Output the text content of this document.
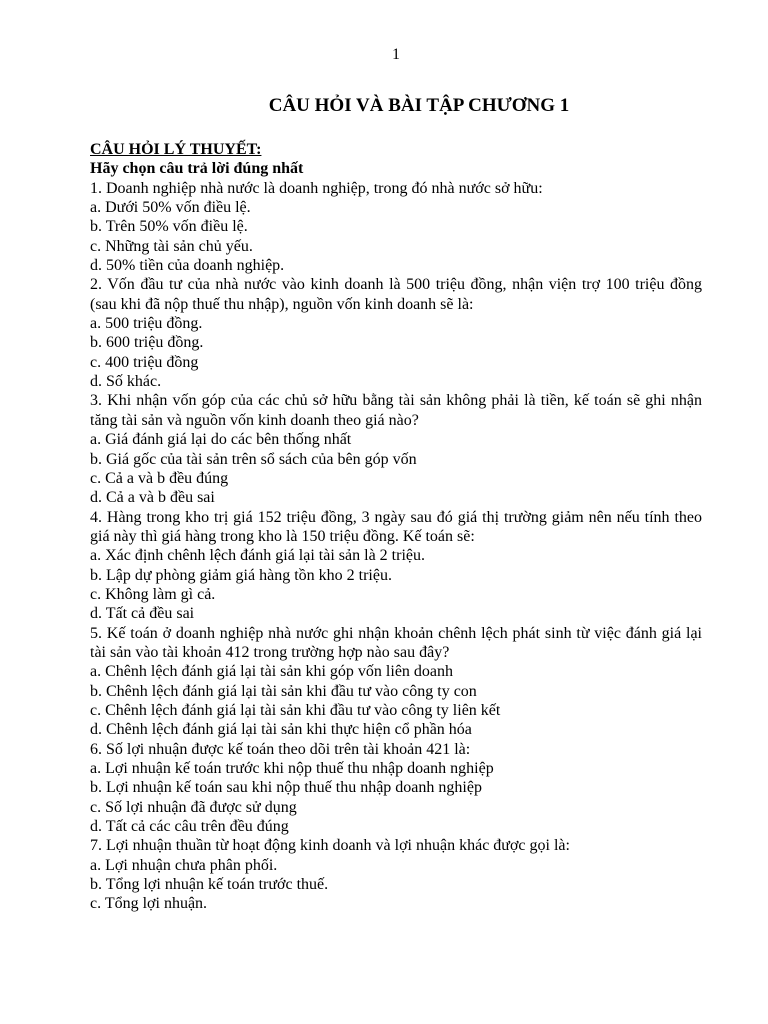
1
CÂU HỎI VÀ BÀI TẬP CHƯƠNG 1
CÂU HỎI LÝ THUYẾT:
Hãy chọn câu trả lời đúng nhất
1. Doanh nghiệp nhà nước là doanh nghiệp, trong đó nhà nước sở hữu:
a. Dưới 50% vốn điều lệ.
b. Trên 50% vốn điều lệ.
c. Những tài sản chủ yếu.
d. 50% tiền của doanh nghiệp.
2. Vốn đầu tư của nhà nước vào kinh doanh là 500 triệu đồng, nhận viện trợ 100 triệu đồng (sau khi đã nộp thuế thu nhập), nguồn vốn kinh doanh sẽ là:
a. 500 triệu đồng.
b. 600 triệu đồng.
c. 400 triệu đồng
d. Số khác.
3. Khi nhận vốn góp của các chủ sở hữu bằng tài sản không phải là tiền, kế toán sẽ ghi nhận tăng tài sản và nguồn vốn kinh doanh theo giá nào?
a. Giá đánh giá lại do các bên thống nhất
b. Giá gốc của tài sản trên sổ sách của bên góp vốn
c. Cả a và b đều đúng
d. Cả a và b đều sai
4. Hàng trong kho trị giá 152 triệu đồng, 3 ngày sau đó giá thị trường giảm nên nếu tính theo giá này thì giá hàng trong kho là 150 triệu đồng. Kế toán sẽ:
a. Xác định chênh lệch đánh giá lại tài sản là 2 triệu.
b. Lập dự phòng giảm giá hàng tồn kho 2 triệu.
c. Không làm gì cả.
d. Tất cả đều sai
5. Kế toán ở doanh nghiệp nhà nước ghi nhận khoản chênh lệch phát sinh từ việc đánh giá lại tài sản vào tài khoản 412 trong trường hợp nào sau đây?
a. Chênh lệch đánh giá lại tài sản khi góp vốn liên doanh
b. Chênh lệch đánh giá lại tài sản khi đầu tư vào công ty con
c. Chênh lệch đánh giá lại tài sản khi đầu tư vào công ty liên kết
d. Chênh lệch đánh giá lại tài sản khi thực hiện cổ phần hóa
6. Số lợi nhuận được kế toán theo dõi trên tài khoản 421 là:
a. Lợi nhuận kế toán trước khi nộp thuế thu nhập doanh nghiệp
b. Lợi nhuận kế toán sau khi nộp thuế thu nhập doanh nghiệp
c. Số lợi nhuận đã được sử dụng
d. Tất cả các câu trên đều đúng
7. Lợi nhuận thuần từ hoạt động kinh doanh và lợi nhuận khác được gọi là:
a. Lợi nhuận chưa phân phối.
b. Tổng lợi nhuận kế toán trước thuế.
c. Tổng lợi nhuận.
